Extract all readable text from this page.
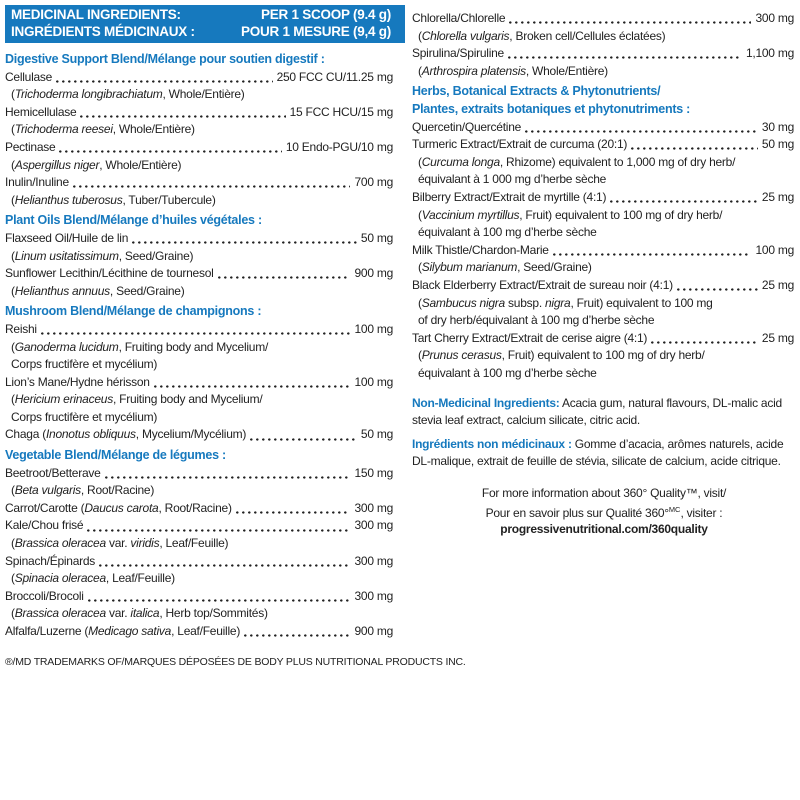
MEDICINAL INGREDIENTS:
INGRÉDIENTS MÉDICINAUX :
PER 1 SCOOP (9.4 g)
POUR 1 MESURE (9,4 g)
Digestive Support Blend/Mélange pour soutien digestif :
Cellulase	250 FCC CU/11.25 mg
(Trichoderma longibrachiatum, Whole/Entière)
Hemicellulase	15 FCC HCU/15 mg
(Trichoderma reesei, Whole/Entière)
Pectinase	10 Endo-PGU/10 mg
(Aspergillus niger, Whole/Entière)
Inulin/Inuline	700 mg
(Helianthus tuberosus, Tuber/Tubercule)
Plant Oils Blend/Mélange d’huiles végétales :
Flaxseed Oil/Huile de lin	50 mg
(Linum usitatissimum, Seed/Graine)
Sunflower Lecithin/Lécithine de tournesol	900 mg
(Helianthus annuus, Seed/Graine)
Mushroom Blend/Mélange de champignons :
Reishi	100 mg
(Ganoderma lucidum, Fruiting body and Mycelium/
Corps fructifère et mycélium)
Lion’s Mane/Hydne hérisson	100 mg
(Hericium erinaceus, Fruiting body and Mycelium/
Corps fructifère et mycélium)
Chaga (Inonotus obliquus, Mycelium/Mycélium)	50 mg
Vegetable Blend/Mélange de légumes :
Beetroot/Betterave	150 mg
(Beta vulgaris, Root/Racine)
Carrot/Carotte (Daucus carota, Root/Racine)	300 mg
Kale/Chou frisé	300 mg
(Brassica oleracea var. viridis, Leaf/Feuille)
Spinach/Épinards	300 mg
(Spinacia oleracea, Leaf/Feuille)
Broccoli/Brocoli	300 mg
(Brassica oleracea var. italica, Herb top/Sommités)
Alfalfa/Luzerne (Medicago sativa, Leaf/Feuille)	900 mg
®/MD TRADEMARKS OF/MARQUES DÉPOSÉES DE BODY PLUS NUTRITIONAL PRODUCTS INC.
Chlorella/Chlorelle	300 mg
(Chlorella vulgaris, Broken cell/Cellules éclatées)
Spirulina/Spiruline	1,100 mg
(Arthrospira platensis, Whole/Entière)
Herbs, Botanical Extracts & Phytonutrients/
Plantes, extraits botaniques et phytonutriments :
Quercetin/Quercétine	30 mg
Turmeric Extract/Extrait de curcuma (20:1)	50 mg
(Curcuma longa, Rhizome) equivalent to 1,000 mg of dry herb/
équivalant à 1 000 mg d’herbe sèche
Bilberry Extract/Extrait de myrtille (4:1)	25 mg
(Vaccinium myrtillus, Fruit) equivalent to 100 mg of dry herb/
équivalant à 100 mg d’herbe sèche
Milk Thistle/Chardon-Marie	100 mg
(Silybum marianum, Seed/Graine)
Black Elderberry Extract/Extrait de sureau noir (4:1)	25 mg
(Sambucus nigra subsp. nigra, Fruit) equivalent to 100 mg
of dry herb/équivalant à 100 mg d’herbe sèche
Tart Cherry Extract/Extrait de cerise aigre (4:1)	25 mg
(Prunus cerasus, Fruit) equivalent to 100 mg of dry herb/
équivalant à 100 mg d’herbe sèche

Non-Medicinal Ingredients: Acacia gum, natural flavours, DL-malic acid stevia leaf extract, calcium silicate, citric acid.

Ingrédients non médicinaux : Gomme d’acacia, arômes naturels, acide DL-malique, extrait de feuille de stévia, silicate de calcium, acide citrique.

For more information about 360° Quality™, visit/
Pour en savoir plus sur Qualité 360°$^{MC}$, visiter :
progressivenutritional.com/360quality
